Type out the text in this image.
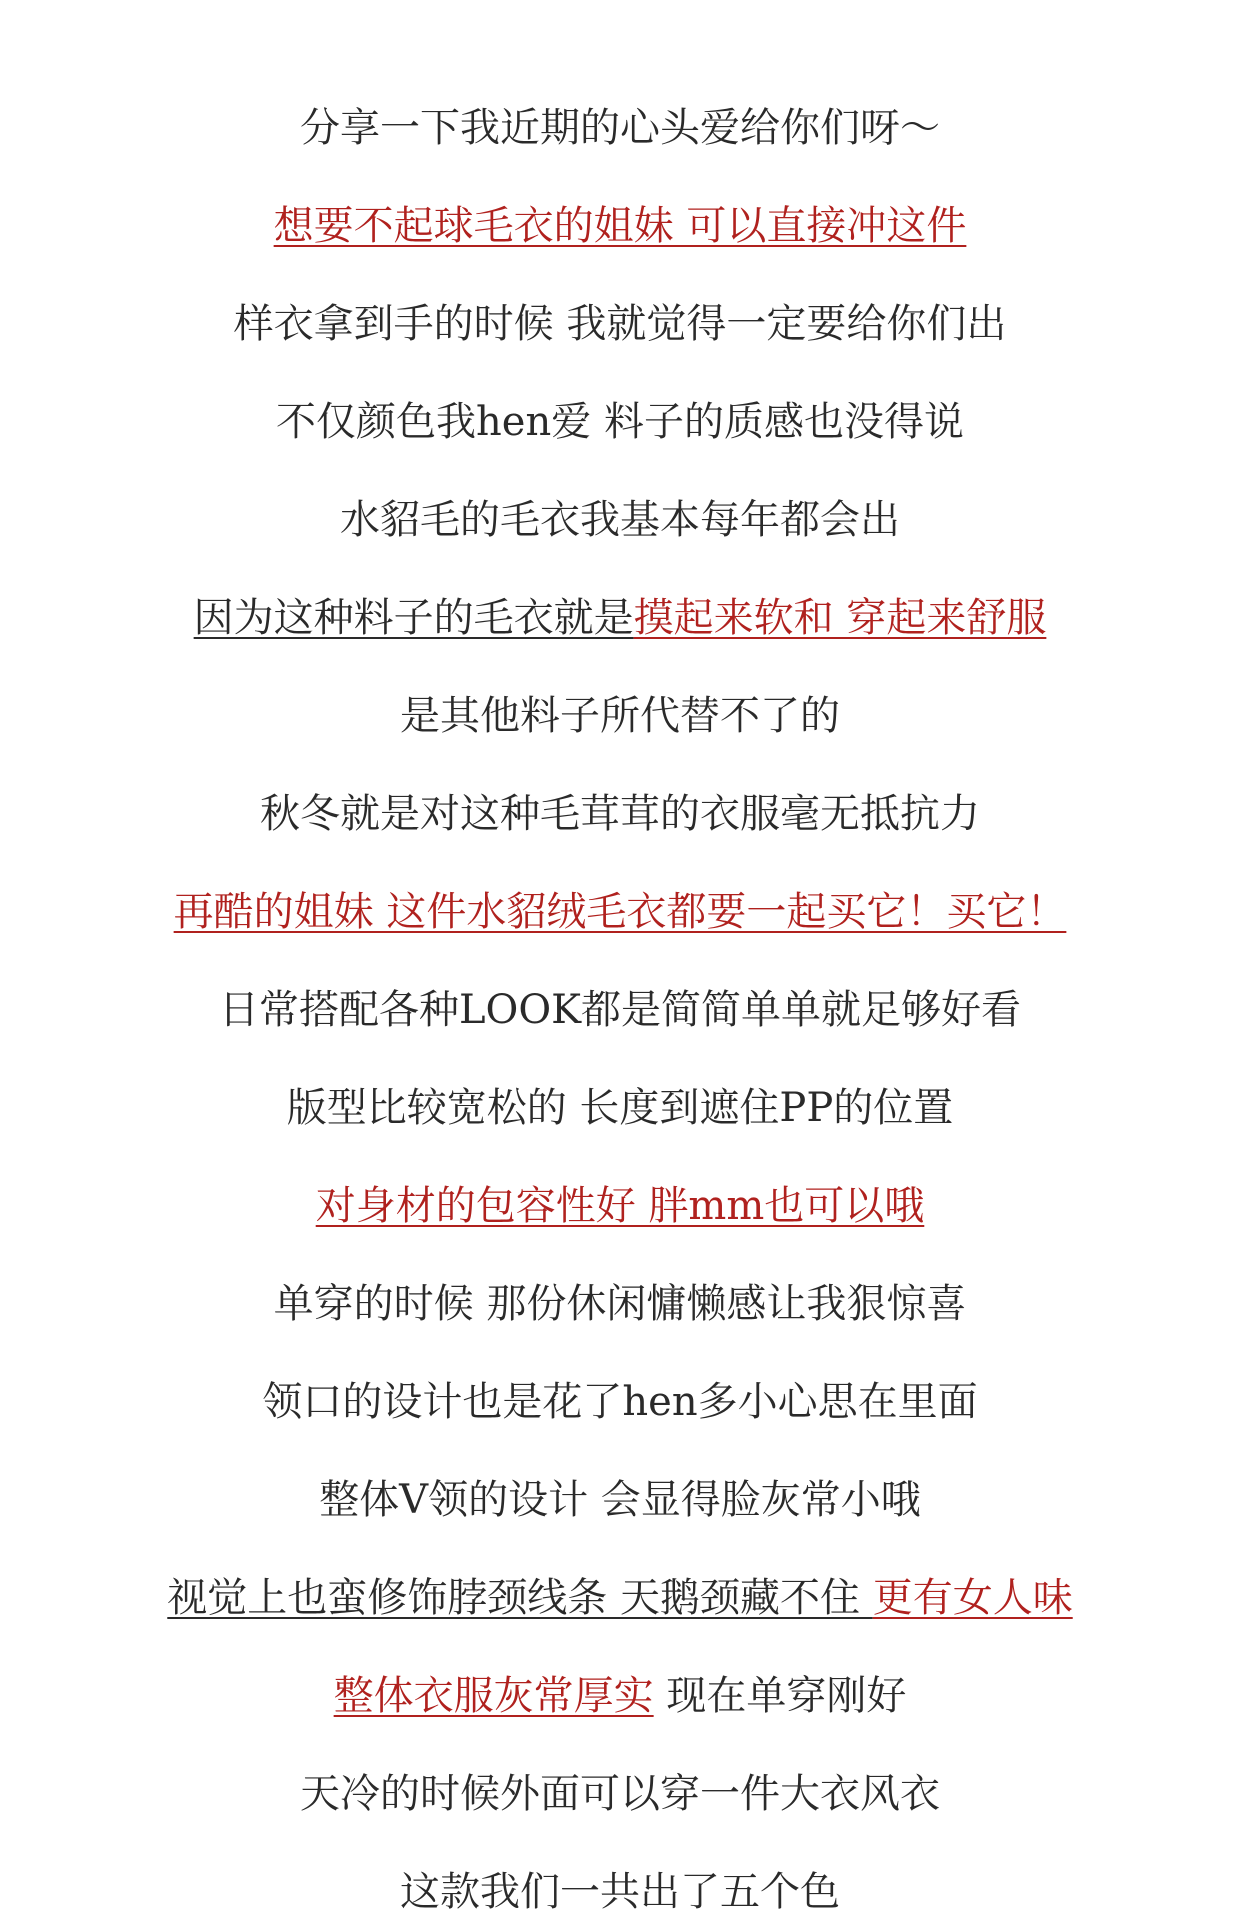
分享一下我近期的心头爱给你们呀～
想要不起球毛衣的姐妹 可以直接冲这件
样衣拿到手的时候 我就觉得一定要给你们出
不仅颜色我hen爱 料子的质感也没得说
水貂毛的毛衣我基本每年都会出
因为这种料子的毛衣就是摸起来软和 穿起来舒服
是其他料子所代替不了的
秋冬就是对这种毛茸茸的衣服毫无抵抗力
再酷的姐妹 这件水貂绒毛衣都要一起买它！买它！
日常搭配各种LOOK都是简简单单就足够好看
版型比较宽松的 长度到遮住PP的位置
对身材的包容性好 胖mm也可以哦
单穿的时候 那份休闲慵懒感让我狠惊喜
领口的设计也是花了hen多小心思在里面
整体V领的设计 会显得脸灰常小哦
视觉上也蛮修饰脖颈线条 天鹅颈藏不住 更有女人味
整体衣服灰常厚实 现在单穿刚好
天冷的时候外面可以穿一件大衣风衣
这款我们一共出了五个色
